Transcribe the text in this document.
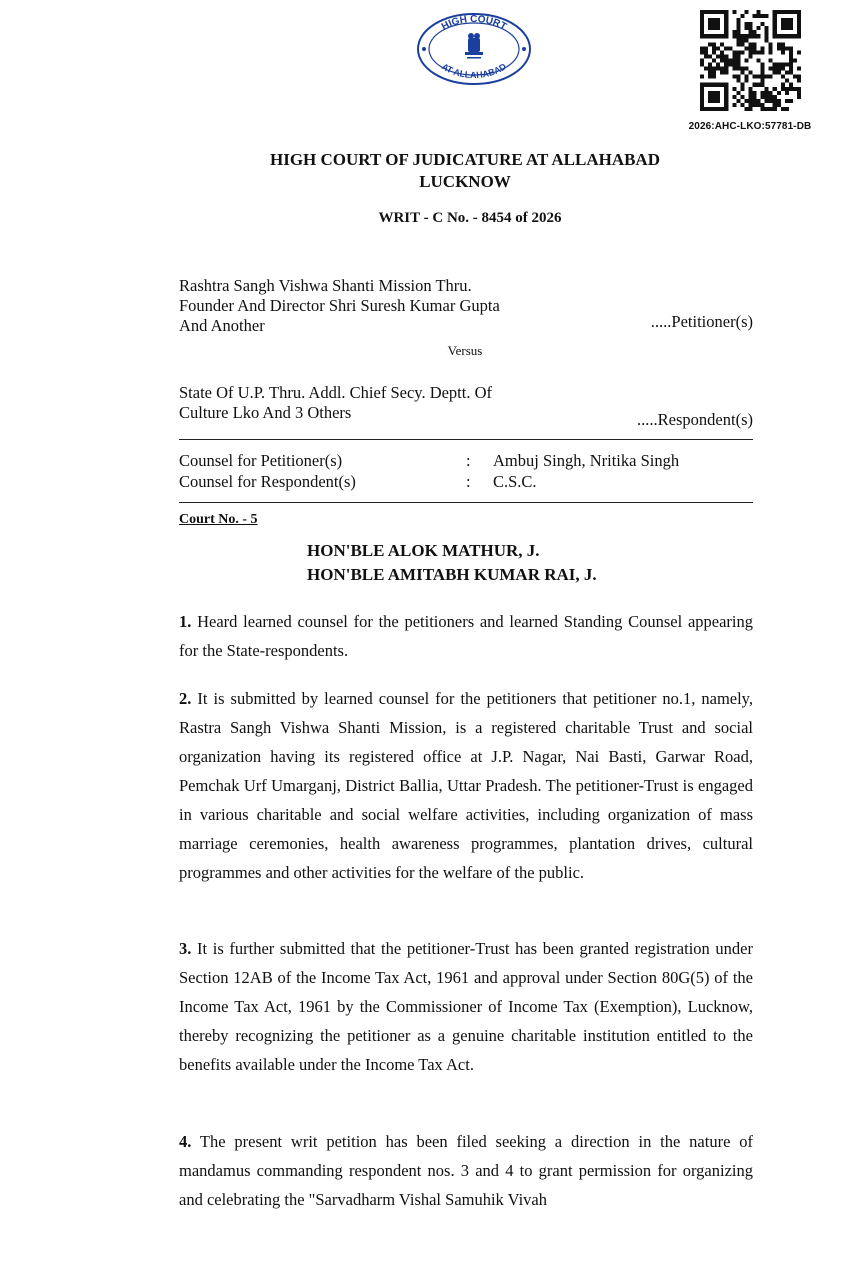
HIGH COURT
AT ALLAHABAD
2026:AHC-LKO:57781-DB
HIGH COURT OF JUDICATURE AT ALLAHABAD
LUCKNOW
WRIT - C No. - 8454 of 2026
Rashtra Sangh Vishwa Shanti Mission Thru.
Founder And Director Shri Suresh Kumar Gupta
And Another	.....Petitioner(s)
Versus
State Of U.P. Thru. Addl. Chief Secy. Deptt. Of
Culture Lko And 3 Others	.....Respondent(s)
Counsel for Petitioner(s)	: Ambuj Singh, Nritika Singh
Counsel for Respondent(s)	: C.S.C.
Court No. - 5
HON'BLE ALOK MATHUR, J.
HON'BLE AMITABH KUMAR RAI, J.
1. Heard learned counsel for the petitioners and learned Standing Counsel appearing for the State-respondents.
2. It is submitted by learned counsel for the petitioners that petitioner no.1, namely, Rastra Sangh Vishwa Shanti Mission, is a registered charitable Trust and social organization having its registered office at J.P. Nagar, Nai Basti, Garwar Road, Pemchak Urf Umarganj, District Ballia, Uttar Pradesh. The petitioner-Trust is engaged in various charitable and social welfare activities, including organization of mass marriage ceremonies, health awareness programmes, plantation drives, cultural programmes and other activities for the welfare of the public.
3. It is further submitted that the petitioner-Trust has been granted registration under Section 12AB of the Income Tax Act, 1961 and approval under Section 80G(5) of the Income Tax Act, 1961 by the Commissioner of Income Tax (Exemption), Lucknow, thereby recognizing the petitioner as a genuine charitable institution entitled to the benefits available under the Income Tax Act.
4. The present writ petition has been filed seeking a direction in the nature of mandamus commanding respondent nos. 3 and 4 to grant permission for organizing and celebrating the "Sarvadharm Vishal Samuhik Vivah
